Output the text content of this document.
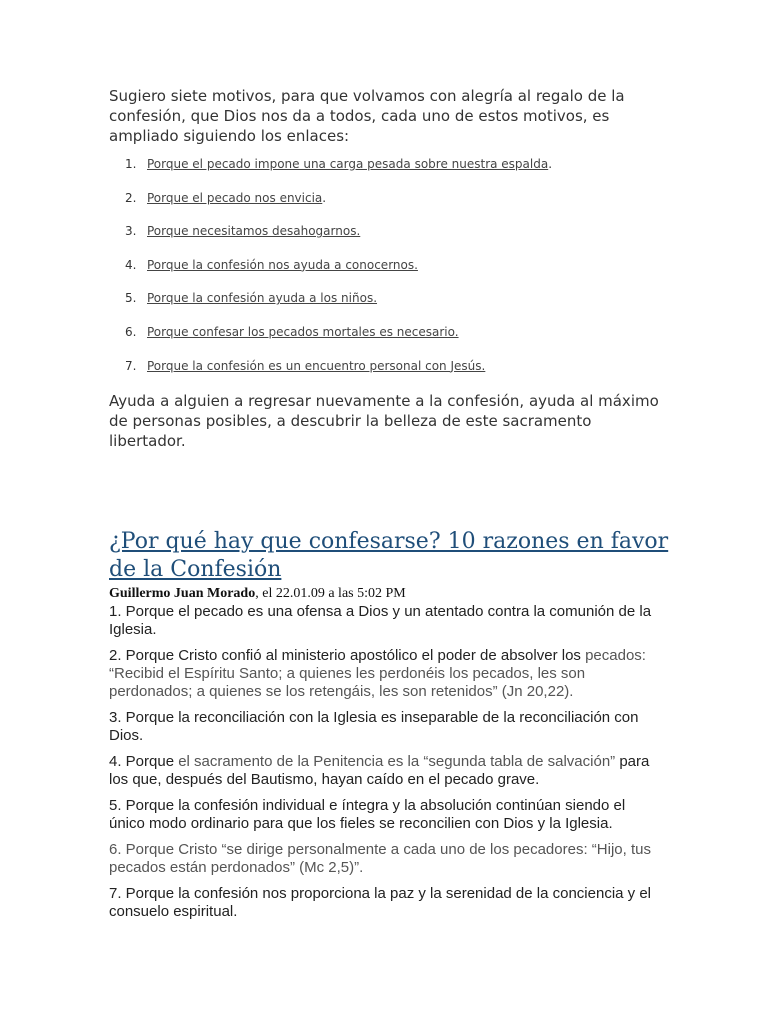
Sugiero siete motivos, para que volvamos con alegría al regalo de la confesión, que Dios nos da a todos, cada uno de estos motivos, es ampliado siguiendo los enlaces:

1. Porque el pecado impone una carga pesada sobre nuestra espalda.
2. Porque el pecado nos envicia.
3. Porque necesitamos desahogarnos.
4. Porque la confesión nos ayuda a conocernos.
5. Porque la confesión ayuda a los niños.
6. Porque confesar los pecados mortales es necesario.
7. Porque la confesión es un encuentro personal con Jesús.

Ayuda a alguien a regresar nuevamente a la confesión, ayuda al máximo de personas posibles, a descubrir la belleza de este sacramento libertador.

¿Por qué hay que confesarse? 10 razones en favor de la Confesión
Guillermo Juan Morado, el 22.01.09 a las 5:02 PM

1. Porque el pecado es una ofensa a Dios y un atentado contra la comunión de la Iglesia.

2. Porque Cristo confió al ministerio apostólico el poder de absolver los pecados: “Recibid el Espíritu Santo; a quienes les perdonéis los pecados, les son perdonados; a quienes se los retengáis, les son retenidos” (Jn 20,22).

3. Porque la reconciliación con la Iglesia es inseparable de la reconciliación con Dios.

4. Porque el sacramento de la Penitencia es la “segunda tabla de salvación” para los que, después del Bautismo, hayan caído en el pecado grave.

5. Porque la confesión individual e íntegra y la absolución continúan siendo el único modo ordinario para que los fieles se reconcilien con Dios y la Iglesia.

6. Porque Cristo “se dirige personalmente a cada uno de los pecadores: “Hijo, tus pecados están perdonados” (Mc 2,5)”.

7. Porque la confesión nos proporciona la paz y la serenidad de la conciencia y el consuelo espiritual.
